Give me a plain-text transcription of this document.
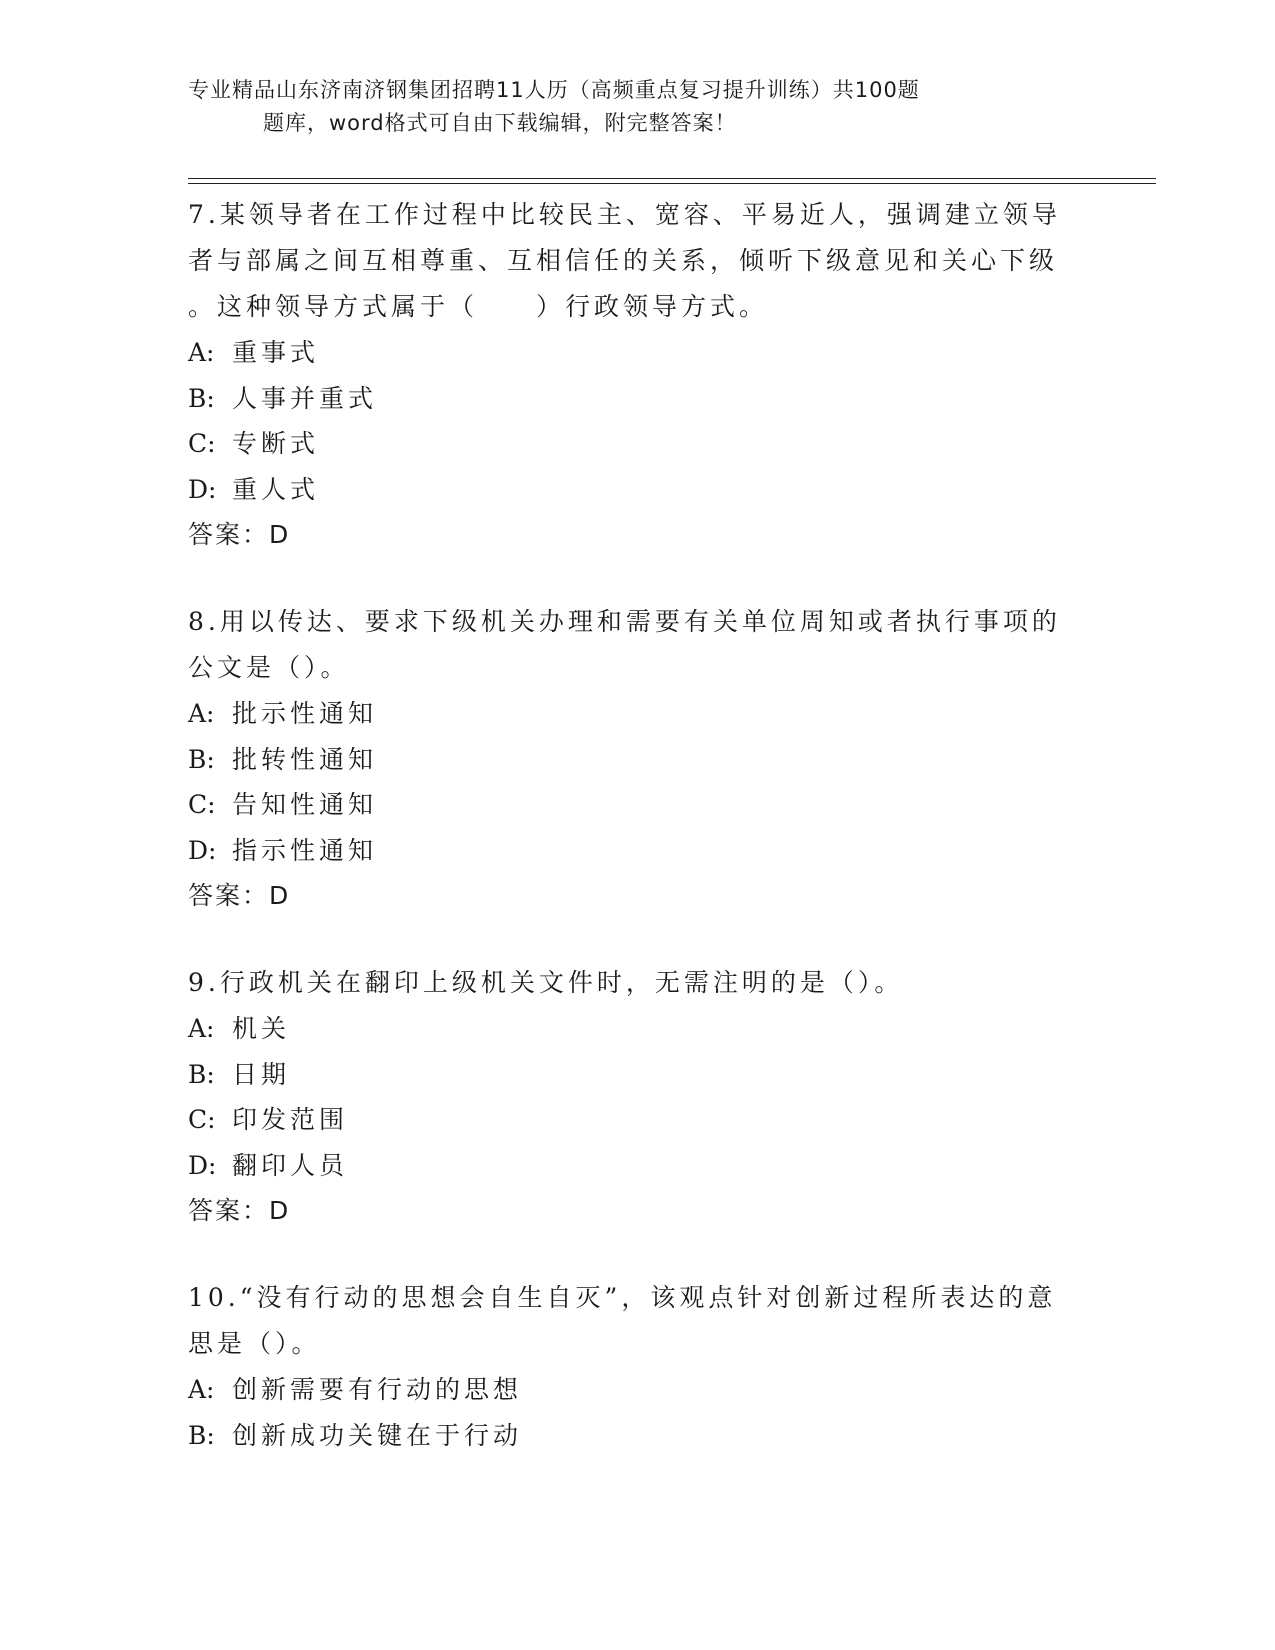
专业精品山东济南济钢集团招聘11人历（高频重点复习提升训练）共100题
题库，word格式可自由下载编辑，附完整答案！

7.某领导者在工作过程中比较民主、宽容、平易近人，强调建立领导

者与部属之间互相尊重、互相信任的关系，倾听下级意见和关心下级

。这种领导方式属于（　　）行政领导方式。

A: 重事式

B: 人事并重式

C: 专断式

D: 重人式

答案：D

8.用以传达、要求下级机关办理和需要有关单位周知或者执行事项的

公文是（）。

A: 批示性通知

B: 批转性通知

C: 告知性通知

D: 指示性通知

答案：D

9.行政机关在翻印上级机关文件时，无需注明的是（）。

A: 机关

B: 日期

C: 印发范围

D: 翻印人员

答案：D

10.“没有行动的思想会自生自灭”，该观点针对创新过程所表达的意

思是（）。

A: 创新需要有行动的思想

B: 创新成功关键在于行动
